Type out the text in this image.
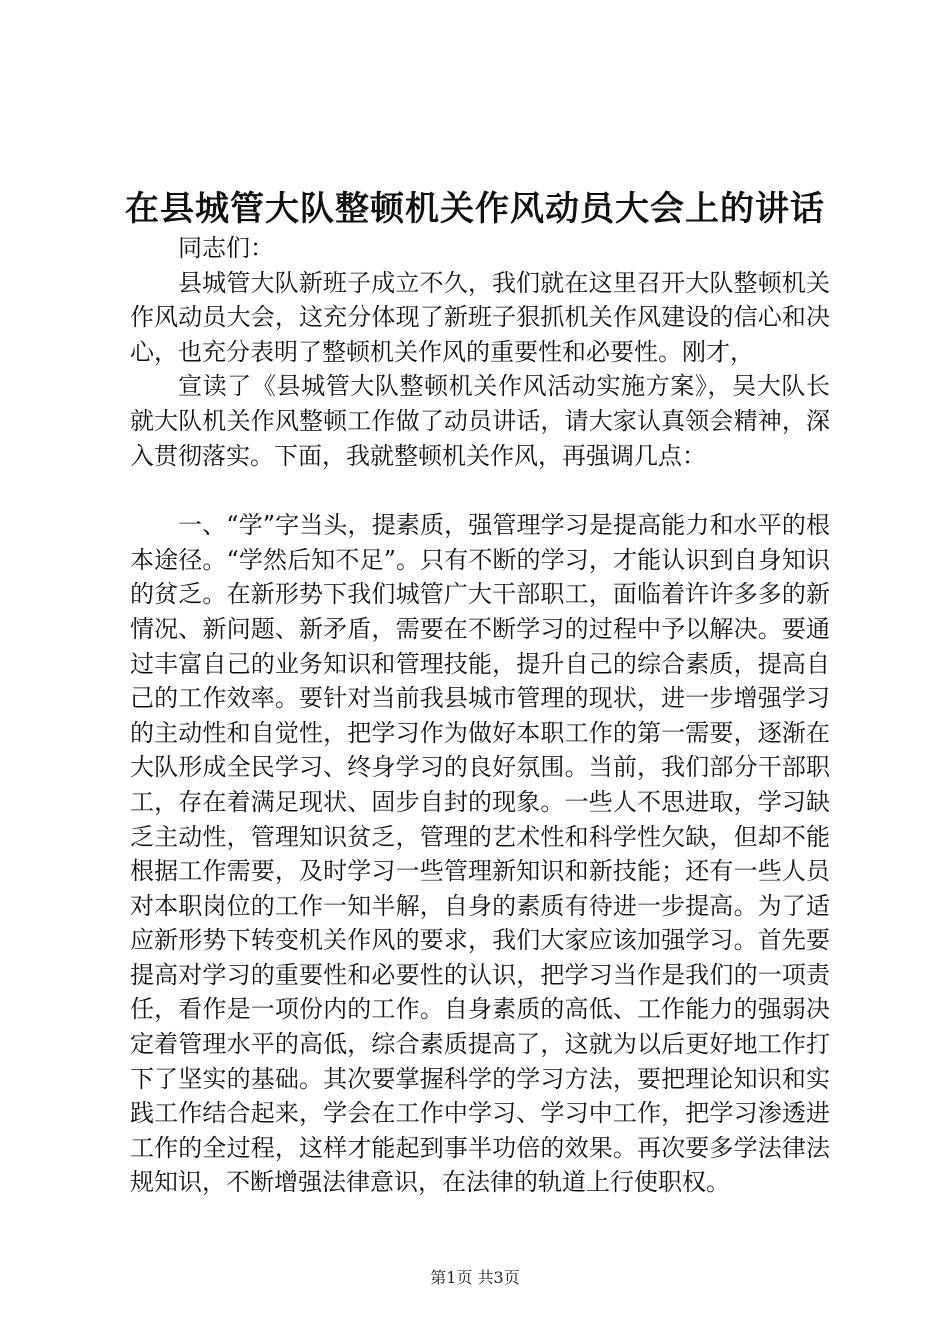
在县城管大队整顿机关作风动员大会上的讲话

同志们：

县城管大队新班子成立不久，我们就在这里召开大队整顿机关作风动员大会，这充分体现了新班子狠抓机关作风建设的信心和决心，也充分表明了整顿机关作风的重要性和必要性。刚才，

宣读了《县城管大队整顿机关作风活动实施方案》，吴大队长就大队机关作风整顿工作做了动员讲话，请大家认真领会精神，深入贯彻落实。下面，我就整顿机关作风，再强调几点：

一、“学”字当头，提素质，强管理学习是提高能力和水平的根本途径。“学然后知不足”。只有不断的学习，才能认识到自身知识的贫乏。在新形势下我们城管广大干部职工，面临着许许多多的新情况、新问题、新矛盾，需要在不断学习的过程中予以解决。要通过丰富自己的业务知识和管理技能，提升自己的综合素质，提高自己的工作效率。要针对当前我县城市管理的现状，进一步增强学习的主动性和自觉性，把学习作为做好本职工作的第一需要，逐渐在大队形成全民学习、终身学习的良好氛围。当前，我们部分干部职工，存在着满足现状、固步自封的现象。一些人不思进取，学习缺乏主动性，管理知识贫乏，管理的艺术性和科学性欠缺，但却不能根据工作需要，及时学习一些管理新知识和新技能；还有一些人员对本职岗位的工作一知半解，自身的素质有待进一步提高。为了适应新形势下转变机关作风的要求，我们大家应该加强学习。首先要提高对学习的重要性和必要性的认识，把学习当作是我们的一项责任，看作是一项份内的工作。自身素质的高低、工作能力的强弱决定着管理水平的高低，综合素质提高了，这就为以后更好地工作打下了坚实的基础。其次要掌握科学的学习方法，要把理论知识和实践工作结合起来，学会在工作中学习、学习中工作，把学习渗透进工作的全过程，这样才能起到事半功倍的效果。再次要多学法律法规知识，不断增强法律意识，在法律的轨道上行使职权。

第1页 共3页
